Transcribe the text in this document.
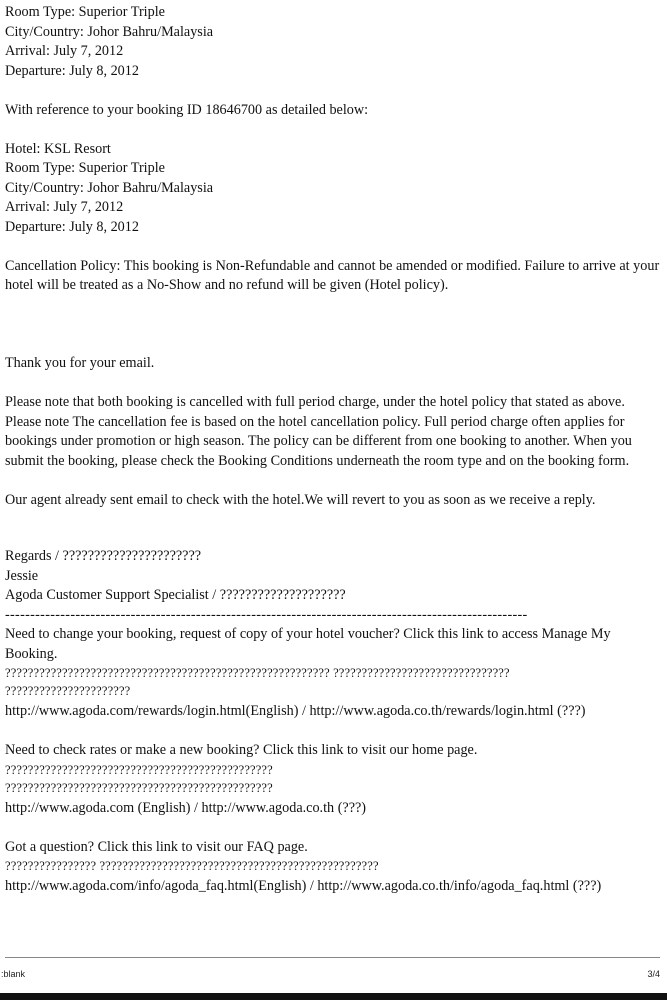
Room Type: Superior Triple

City/Country: Johor Bahru/Malaysia

Arrival: July 7, 2012

Departure: July 8, 2012

With reference to your booking ID 18646700 as detailed below:

Hotel: KSL Resort

Room Type: Superior Triple

City/Country: Johor Bahru/Malaysia

Arrival: July 7, 2012

Departure: July 8, 2012

Cancellation Policy: This booking is Non-Refundable and cannot be amended or modified. Failure to arrive at your hotel will be treated as a No-Show and no refund will be given (Hotel policy).

Thank you for your email.

Please note that both booking is cancelled with full period charge, under the hotel policy that stated as above. Please note The cancellation fee is based on the hotel cancellation policy. Full period charge often applies for bookings under promotion or high season. The policy can be different from one booking to another. When you submit the booking, please check the Booking Conditions underneath the room type and on the booking form.

Our agent already sent email to check with the hotel.We will revert to you as soon as we receive a reply.

Regards / ??????????????????????

Jessie

Agoda Customer Support Specialist / ????????????????????

--------------------------------------------------------------------------------------------------------

Need to change your booking, request of copy of your hotel voucher? Click this link to access Manage My Booking.

????????????????????????????????????????????????????????? ???????????????????????????????

??????????????????????

http://www.agoda.com/rewards/login.html(English) / http://www.agoda.co.th/rewards/login.html (???)

Need to check rates or make a new booking? Click this link to visit our home page.

???????????????????????????????????????????????

???????????????????????????????????????????????

http://www.agoda.com (English) / http://www.agoda.co.th (???)

Got a question? Click this link to visit our FAQ page.

???????????????? ?????????????????????????????????????????????????

http://www.agoda.com/info/agoda_faq.html(English) / http://www.agoda.co.th/info/agoda_faq.html (???)

:blank	3/4
